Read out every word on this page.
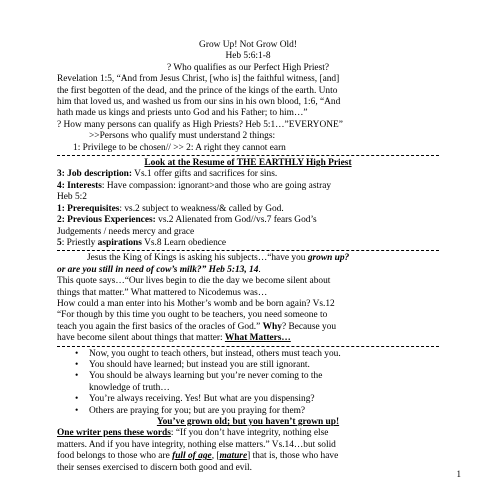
Grow Up! Not Grow Old!
Heb 5:6:1-8
? Who qualifies as our Perfect High Priest?
Revelation 1:5, “And from Jesus Christ, [who is] the faithful witness, [and]
the first begotten of the dead, and the prince of the kings of the earth. Unto
him that loved us, and washed us from our sins in his own blood, 1:6, “And
hath made us kings and priests unto God and his Father; to him…”
? How many persons can qualify as High Priests? Heb 5:1…”EVERYONE”
>>Persons who qualify must understand 2 things:
1: Privilege to be chosen// >> 2: A right they cannot earn
Look at the Resume of THE EARTHLY High Priest
3: Job description: Vs.1 offer gifts and sacrifices for sins.
4: Interests: Have compassion: ignorant>and those who are going astray
Heb 5:2
1: Prerequisites: vs.2 subject to weakness/& called by God.
2: Previous Experiences: vs.2 Alienated from God//vs.7 fears God’s
Judgements / needs mercy and grace
5: Priestly aspirations Vs.8 Learn obedience
Jesus the King of Kings is asking his subjects…“have you grown up?
or are you still in need of cow’s milk?” Heb 5:13, 14.
This quote says…“Our lives begin to die the day we become silent about
things that matter.” What mattered to Nicodemus was…
How could a man enter into his Mother’s womb and be born again? Vs.12
“For though by this time you ought to be teachers, you need someone to
teach you again the first basics of the oracles of God.” Why? Because you
have become silent about things that matter: What Matters…
• Now, you ought to teach others, but instead, others must teach you.
• You should have learned; but instead you are still ignorant.
• You should be always learning but you’re never coming to the
knowledge of truth…
• You’re always receiving. Yes! But what are you dispensing?
• Others are praying for you; but are you praying for them?
You’ve grown old; but you haven’t grown up!
One writer pens these words: “If you don’t have integrity, nothing else
matters. And if you have integrity, nothing else matters.” Vs.14…but solid
food belongs to those who are full of age, [mature] that is, those who have
their senses exercised to discern both good and evil.
1
